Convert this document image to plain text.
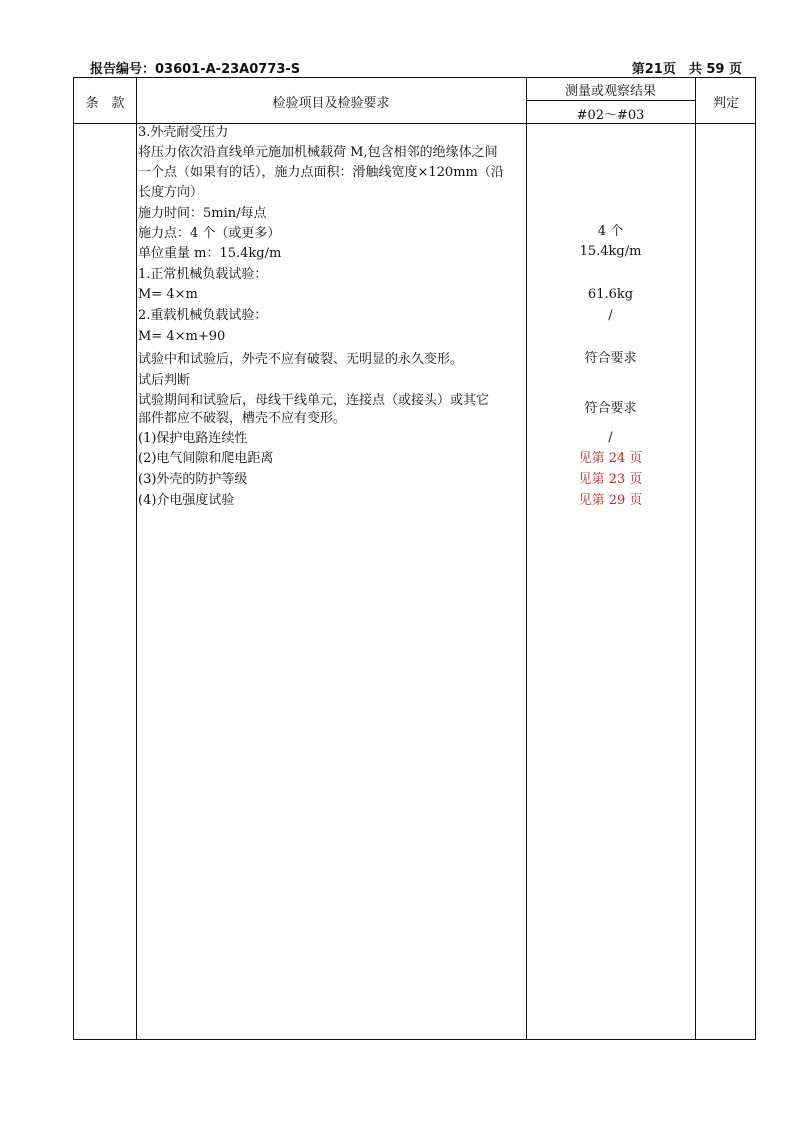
报告编号：03601-A-23A0773-S	第21页　共 59 页
条　款	检验项目及检验要求
测量或观察结果
#02～#03
判定
3.外壳耐受压力
将压力依次沿直线单元施加机械载荷 M,包含相邻的绝缘体之间
一个点（如果有的话），施力点面积：滑触线宽度×120mm（沿
长度方向）
施力时间：5min/每点
施力点：4 个（或更多）
单位重量 m：15.4kg/m
1.正常机械负载试验：
M= 4×m
2.重载机械负载试验：
M= 4×m+90
试验中和试验后，外壳不应有破裂、无明显的永久变形。
试后判断
试验期间和试验后，母线干线单元，连接点（或接头）或其它
部件都应不破裂，槽壳不应有变形。
(1)保护电路连续性
(2)电气间隙和爬电距离
(3)外壳的防护等级
(4)介电强度试验
4 个
15.4kg/m
61.6kg
/
符合要求
符合要求
/
见第 24 页
见第 23 页
见第 29 页
